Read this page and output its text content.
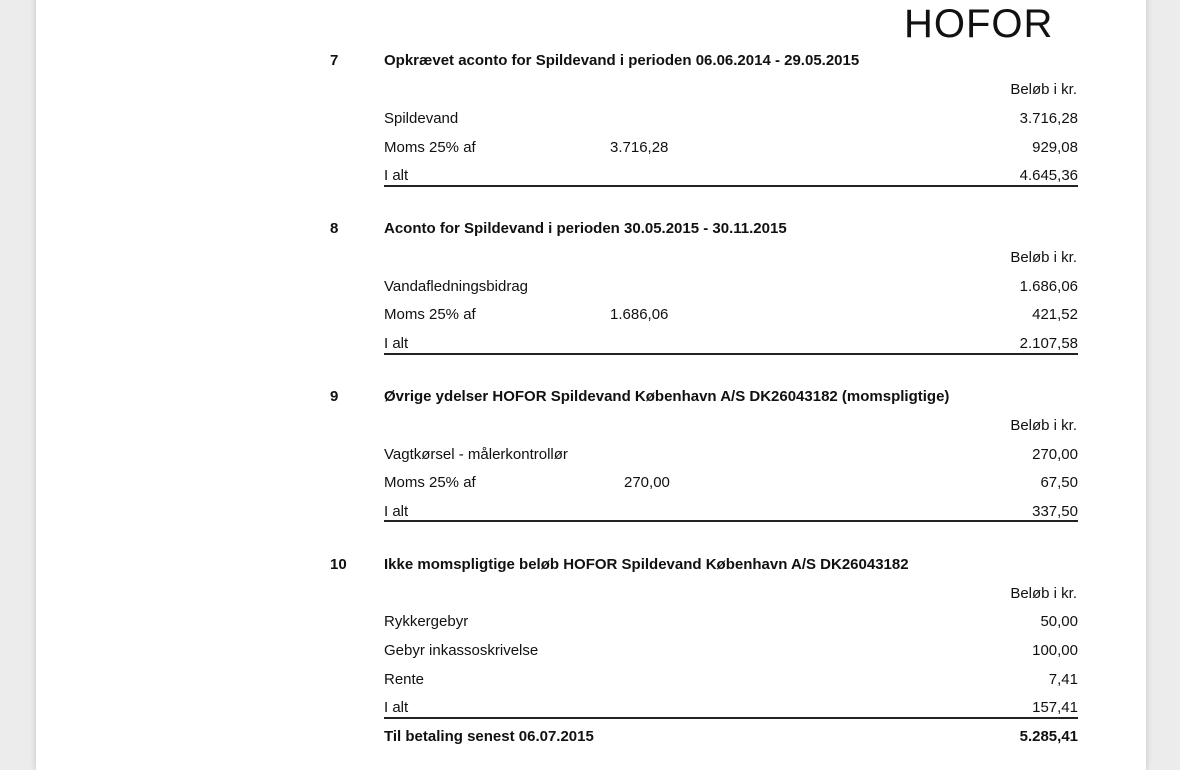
HOFOR
7	Opkrævet aconto for Spildevand i perioden 06.06.2014 - 29.05.2015
Beløb i kr.
Spildevand	3.716,28
Moms 25% af	3.716,28	929,08
I alt	4.645,36
8	Aconto for Spildevand i perioden 30.05.2015 - 30.11.2015
Beløb i kr.
Vandafledningsbidrag	1.686,06
Moms 25% af	1.686,06	421,52
I alt	2.107,58
9	Øvrige ydelser HOFOR Spildevand København A/S DK26043182 (momspligtige)
Beløb i kr.
Vagtkørsel - målerkontrollør	270,00
Moms 25% af	270,00	67,50
I alt	337,50
10 Ikke momspligtige beløb HOFOR Spildevand København A/S DK26043182
Beløb i kr.
Rykkergebyr	50,00
Gebyr inkassoskrivelse	100,00
Rente	7,41
I alt	157,41
Til betaling senest 06.07.2015	5.285,41
